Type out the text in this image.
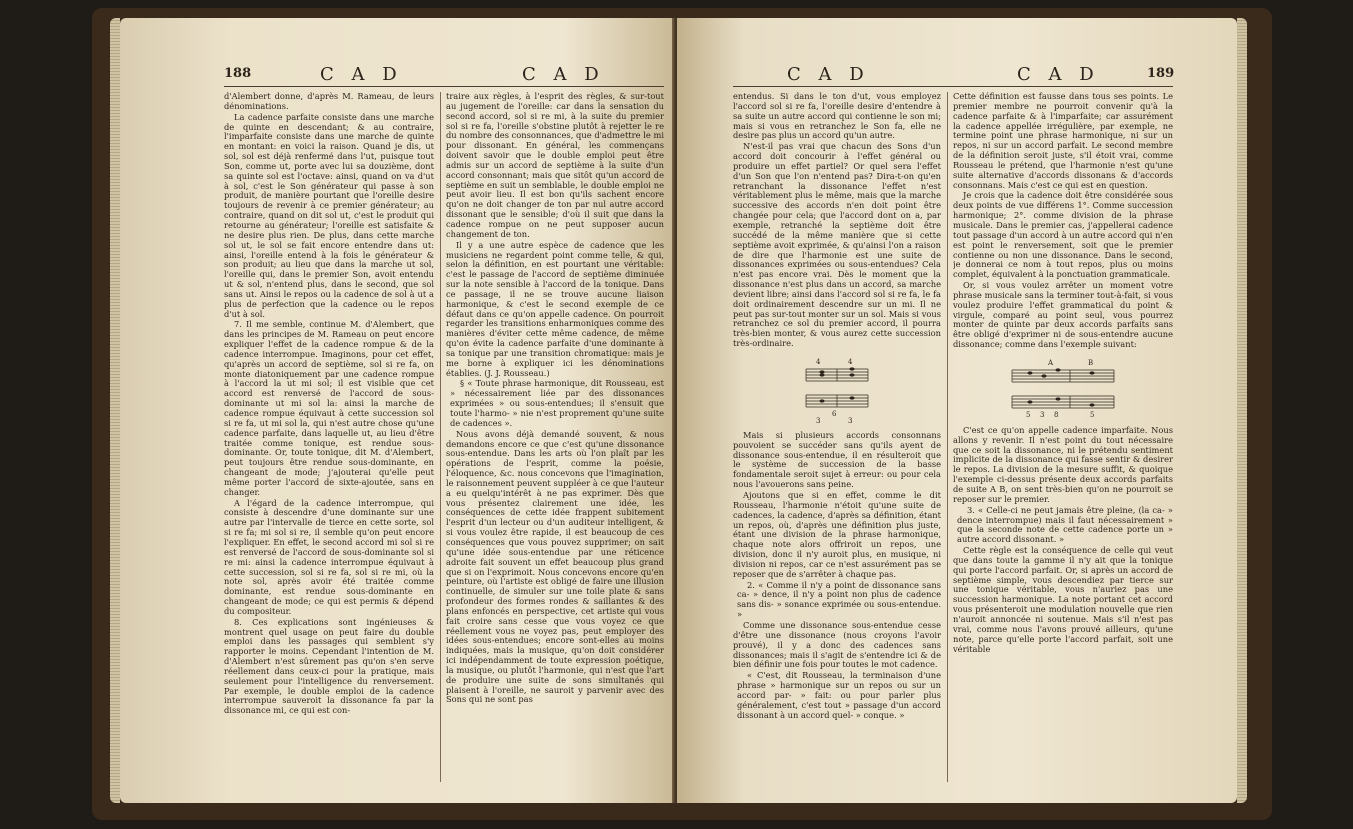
188	C A D	C A D

d'Alembert donne, d'après M. Rameau, de leurs dénominations.

La cadence parfaite consiste dans une marche de quinte en descendant; & au contraire, l'imparfaite consiste dans une marche de quinte en montant: en voici la raison. Quand je dis, ut sol, sol est déjà renfermé dans l'ut, puisque tout Son, comme ut, porte avec lui sa douzième, dont sa quinte sol est l'octave: ainsi, quand on va d'ut à sol, c'est le Son générateur qui passe à son produit, de manière pourtant que l'oreille desire toujours de revenir à ce premier générateur; au contraire, quand on dit sol ut, c'est le produit qui retourne au générateur; l'oreille est satisfaite & ne desire plus rien. De plus, dans cette marche sol ut, le sol se fait encore entendre dans ut: ainsi, l'oreille entend à la fois le générateur & son produit; au lieu que dans la marche ut sol, l'oreille qui, dans le premier Son, avoit entendu ut & sol, n'entend plus, dans le second, que sol sans ut. Ainsi le repos ou la cadence de sol à ut a plus de perfection que la cadence ou le repos d'ut à sol.

7. Il me semble, continue M. d'Alembert, que dans les principes de M. Rameau on peut encore expliquer l'effet de la cadence rompue & de la cadence interrompue. Imaginons, pour cet effet, qu'après un accord de septième, sol si re fa, on monte diatoniquement par une cadence rompue à l'accord la ut mi sol; il est visible que cet accord est renversé de l'accord de sous-dominante ut mi sol la: ainsi la marche de cadence rompue équivaut à cette succession sol si re fa, ut mi sol la, qui n'est autre chose qu'une cadence parfaite, dans laquelle ut, au lieu d'être traitée comme tonique, est rendue sous-dominante. Or, toute tonique, dit M. d'Alembert, peut toujours être rendue sous-dominante, en changeant de mode; j'ajouterai qu'elle peut même porter l'accord de sixte-ajoutée, sans en changer.

A l'égard de la cadence interrompue, qui consiste à descendre d'une dominante sur une autre par l'intervalle de tierce en cette sorte, sol si re fa; mi sol si re, il semble qu'on peut encore l'expliquer. En effet, le second accord mi sol si re est renversé de l'accord de sous-dominante sol si re mi: ainsi la cadence interrompue équivaut à cette succession, sol si re fa, sol si re mi, où la note sol, après avoir été traitée comme dominante, est rendue sous-dominante en changeant de mode; ce qui est permis & dépend du compositeur.

8. Ces explications sont ingénieuses & montrent quel usage on peut faire du double emploi dans les passages qui semblent s'y rapporter le moins. Cependant l'intention de M. d'Alembert n'est sûrement pas qu'on s'en serve réellement dans ceux-ci pour la pratique, mais seulement pour l'intelligence du renversement. Par exemple, le double emploi de la cadence interrompue sauveroit la dissonance fa par la dissonance mi, ce qui est con-

traire aux règles, à l'esprit des règles, & sur-tout au jugement de l'oreille: car dans la sensation du second accord, sol si re mi, à la suite du premier sol si re fa, l'oreille s'obstine plutôt à rejetter le re du nombre des consonnances, que d'admettre le mi pour dissonant. En général, les commençans doivent savoir que le double emploi peut être admis sur un accord de septième à la suite d'un accord consonnant; mais que sitôt qu'un accord de septième en suit un semblable, le double emploi ne peut avoir lieu. Il est bon qu'ils sachent encore qu'on ne doit changer de ton par nul autre accord dissonant que le sensible; d'où il suit que dans la cadence rompue on ne peut supposer aucun changement de ton.

Il y a une autre espèce de cadence que les musiciens ne regardent point comme telle, & qui, selon la définition, en est pourtant une véritable: c'est le passage de l'accord de septième diminuée sur la note sensible à l'accord de la tonique. Dans ce passage, il ne se trouve aucune liaison harmonique, & c'est le second exemple de ce défaut dans ce qu'on appelle cadence. On pourroit regarder les transitions enharmoniques comme des manières d'éviter cette même cadence, de même qu'on évite la cadence parfaite d'une dominante à sa tonique par une transition chromatique: mais je me borne à expliquer ici les dénominations établies. (J. J. Rousseau.)

§ « Toute phrase harmonique, dit Rousseau, est » nécessairement liée par des dissonances exprimées » ou sous-entendues; il s'ensuit que toute l'harmo- » nie n'est proprement qu'une suite de cadences ».

Nous avons déjà demandé souvent, & nous demandons encore ce que c'est qu'une dissonance sous-entendue. Dans les arts où l'on plaît par les opérations de l'esprit, comme la poésie, l'éloquence, &c. nous concevons que l'imagination, le raisonnement peuvent suppléer à ce que l'auteur a eu quelqu'intérêt à ne pas exprimer. Dès que vous présentez clairement une idée, les conséquences de cette idée frappent subitement l'esprit d'un lecteur ou d'un auditeur intelligent, & si vous voulez être rapide, il est beaucoup de ces conséquences que vous pouvez supprimer; on sait qu'une idée sous-entendue par une réticence adroite fait souvent un effet beaucoup plus grand que si on l'exprimoit. Nous concevons encore qu'en peinture, où l'artiste est obligé de faire une illusion continuelle, de simuler sur une toile plate & sans profondeur des formes rondes & saillantes & des plans enfoncés en perspective, cet artiste qui vous fait croire sans cesse que vous voyez ce que réellement vous ne voyez pas, peut employer des idées sous-entendues; encore sont-elles au moins indiquées, mais la musique, qu'on doit considérer ici indépendamment de toute expression poétique, la musique, ou plutôt l'harmonie, qui n'est que l'art de produire une suite de sons simultanés qui plaisent à l'oreille, ne sauroit y parvenir avec des Sons qui ne sont pas

C A D	C A D	189

entendus. Si dans le ton d'ut, vous employez l'accord sol si re fa, l'oreille desire d'entendre à sa suite un autre accord qui contienne le son mi; mais si vous en retranchez le Son fa, elle ne desire pas plus un accord qu'un autre.

N'est-il pas vrai que chacun des Sons d'un accord doit concourir à l'effet général ou produire un effet partiel? Or quel sera l'effet d'un Son que l'on n'entend pas? Dira-t-on qu'en retranchant la dissonance l'effet n'est véritablement plus le même, mais que la marche successive des accords n'en doit point être changée pour cela; que l'accord dont on a, par exemple, retranché la septième doit être succédé de la même manière que si cette septième avoit exprimée, & qu'ainsi l'on a raison de dire que l'harmonie est une suite de dissonances exprimées ou sous-entendues? Cela n'est pas encore vrai. Dès le moment que la dissonance n'est plus dans un accord, sa marche devient libre; ainsi dans l'accord sol si re fa, le fa doit ordinairement descendre sur un mi. Il ne peut pas sur-tout monter sur un sol. Mais si vous retranchez ce sol du premier accord, il pourra très-bien monter, & vous aurez cette succession très-ordinaire.

4	4
6
3	3

Mais si plusieurs accords consonnans pouvoient se succéder sans qu'ils ayent de dissonance sous-entendue, il en résulteroit que le système de succession de la basse fondamentale seroit sujet à erreur: ou pour cela nous l'avouerons sans peine.

Ajoutons que si en effet, comme le dit Rousseau, l'harmonie n'étoit qu'une suite de cadences, la cadence, d'après sa définition, étant un repos, où, d'après une définition plus juste, étant une division de la phrase harmonique, chaque note alors offriroit un repos, une division, donc il n'y auroit plus, en musique, ni division ni repos, car ce n'est assurément pas se reposer que de s'arrêter à chaque pas.

2. « Comme il n'y a point de dissonance sans ca- » dence, il n'y a point non plus de cadence sans dis- » sonance exprimée ou sous-entendue. »

Comme une dissonance sous-entendue cesse d'être une dissonance (nous croyons l'avoir prouvé), il y a donc des cadences sans dissonances; mais il s'agit de s'entendre ici & de bien définir une fois pour toutes le mot cadence.

« C'est, dit Rousseau, la terminaison d'une phrase » harmonique sur un repos ou sur un accord par- » fait: ou pour parler plus généralement, c'est tout » passage d'un accord dissonant à un accord quel- » conque. »

Cette définition est fausse dans tous ses points. Le premier membre ne pourroit convenir qu'à la cadence parfaite & à l'imparfaite; car assurément la cadence appellée irrégulière, par exemple, ne termine point une phrase harmonique, ni sur un repos, ni sur un accord parfait. Le second membre de la définition seroit juste, s'il étoit vrai, comme Rousseau le prétend, que l'harmonie n'est qu'une suite alternative d'accords dissonans & d'accords consonnans. Mais c'est ce qui est en question.

Je crois que la cadence doit être considérée sous deux points de vue différens 1°. Comme succession harmonique; 2°. comme division de la phrase musicale. Dans le premier cas, j'appellerai cadence tout passage d'un accord à un autre accord qui n'en est point le renversement, soit que le premier contienne ou non une dissonance. Dans le second, je donnerai ce nom à tout repos, plus ou moins complet, équivalent à la ponctuation grammaticale.

Or, si vous voulez arrêter un moment votre phrase musicale sans la terminer tout-à-fait, si vous voulez produire l'effet grammatical du point & virgule, comparé au point seul, vous pourrez monter de quinte par deux accords parfaits sans être obligé d'exprimer ni de sous-entendre aucune dissonance; comme dans l'exemple suivant:

A	B
5 3 8	5

C'est ce qu'on appelle cadence imparfaite. Nous allons y revenir. Il n'est point du tout nécessaire que ce soit la dissonance, ni le prétendu sentiment implicite de la dissonance qui fasse sentir & desirer le repos. La division de la mesure suffit, & quoique l'exemple ci-dessus présente deux accords parfaits de suite A B, on sent très-bien qu'on ne pourroit se reposer sur le premier.

3. « Celle-ci ne peut jamais être pleine, (la ca- » dence interrompue) mais il faut nécessairement » que la seconde note de cette cadence porte un » autre accord dissonant. »

Cette règle est la conséquence de celle qui veut que dans toute la gamme il n'y ait que la tonique qui porte l'accord parfait. Or, si après un accord de septième simple, vous descendiez par tierce sur une tonique véritable, vous n'auriez pas une succession harmonique. La note portant cet accord vous présenteroit une modulation nouvelle que rien n'auroit annoncée ni soutenue. Mais s'il n'est pas vrai, comme nous l'avons prouvé ailleurs, qu'une note, parce qu'elle porte l'accord parfait, soit une véritable
